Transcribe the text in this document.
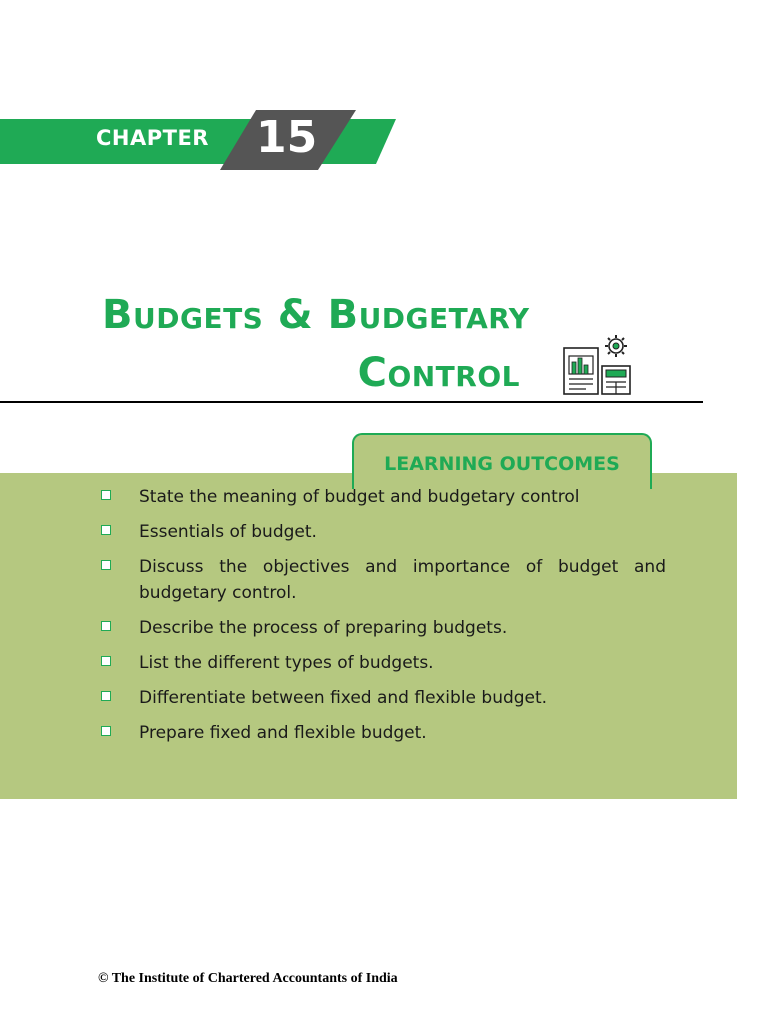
CHAPTER 15
Budgets & Budgetary
Control
LEARNING OUTCOMES
State the meaning of budget and budgetary control
Essentials of budget.
Discuss the objectives and importance of budget and budgetary control.
Describe the process of preparing budgets.
List the different types of budgets.
Differentiate between fixed and flexible budget.
Prepare fixed and flexible budget.
© The Institute of Chartered Accountants of India
